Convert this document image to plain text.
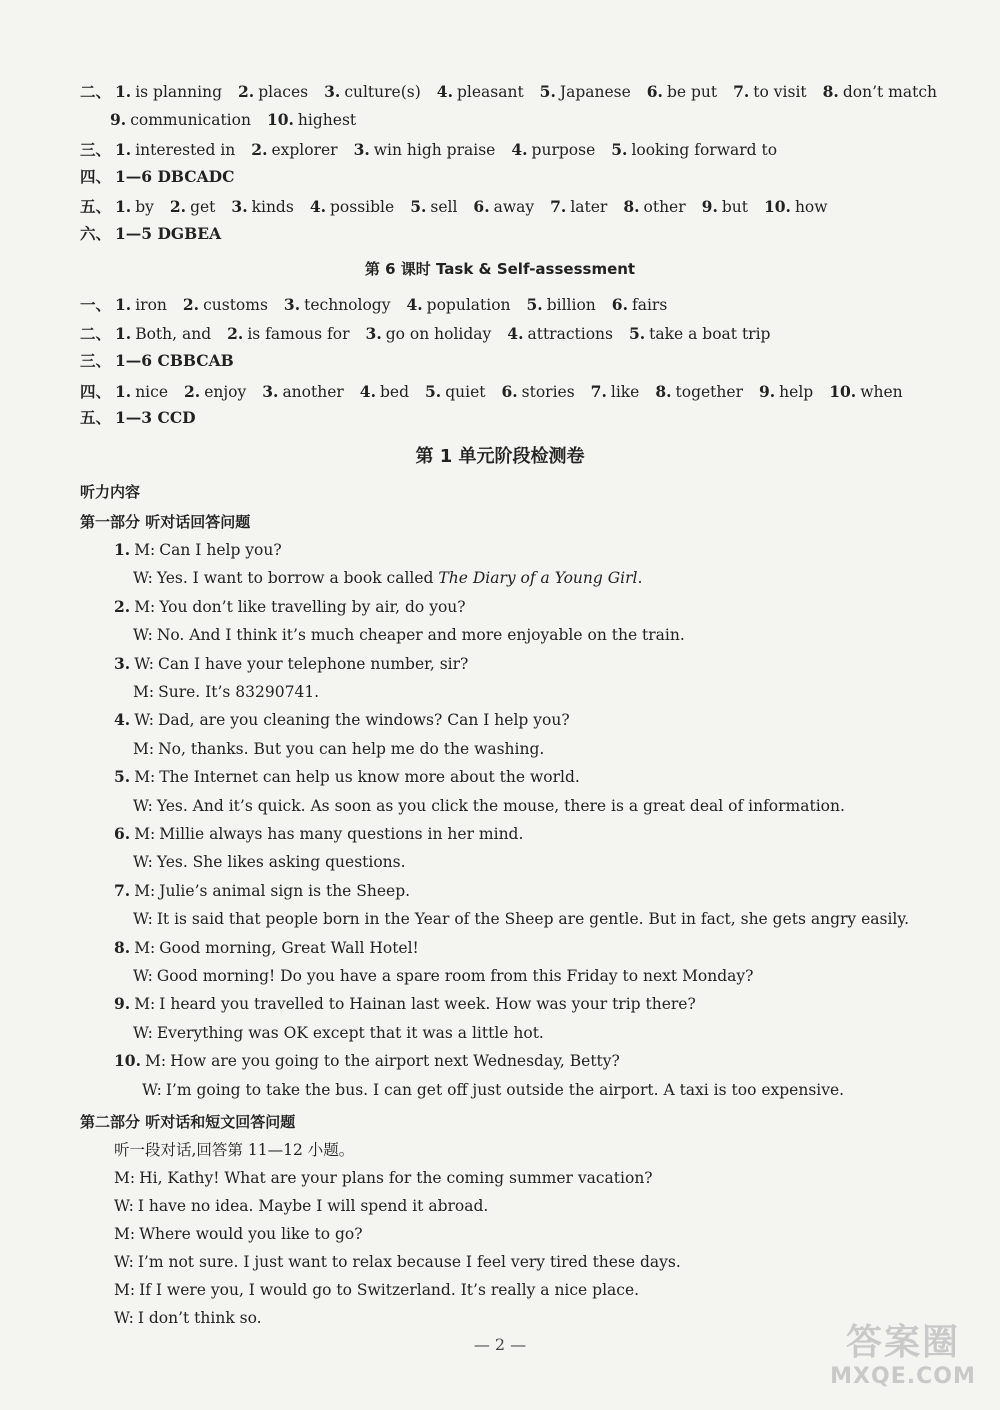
二、 1. is planning 2. places 3. culture(s) 4. pleasant 5. Japanese 6. be put 7. to visit 8. don’t match
9. communication 10. highest
三、 1. interested in 2. explorer 3. win high praise 4. purpose 5. looking forward to
四、 1—6 DBCADC
五、 1. by 2. get 3. kinds 4. possible 5. sell 6. away 7. later 8. other 9. but 10. how
六、 1—5 DGBEA
第 6 课时 Task & Self-assessment
一、 1. iron 2. customs 3. technology 4. population 5. billion 6. fairs
二、 1. Both, and 2. is famous for 3. go on holiday 4. attractions 5. take a boat trip
三、 1—6 CBBCAB
四、 1. nice 2. enjoy 3. another 4. bed 5. quiet 6. stories 7. like 8. together 9. help 10. when
五、 1—3 CCD
第 1 单元阶段检测卷
听力内容
第一部分 听对话回答问题
1. M: Can I help you?
W: Yes. I want to borrow a book called The Diary of a Young Girl.
2. M: You don’t like travelling by air, do you?
W: No. And I think it’s much cheaper and more enjoyable on the train.
3. W: Can I have your telephone number, sir?
M: Sure. It’s 83290741.
4. W: Dad, are you cleaning the windows? Can I help you?
M: No, thanks. But you can help me do the washing.
5. M: The Internet can help us know more about the world.
W: Yes. And it’s quick. As soon as you click the mouse, there is a great deal of information.
6. M: Millie always has many questions in her mind.
W: Yes. She likes asking questions.
7. M: Julie’s animal sign is the Sheep.
W: It is said that people born in the Year of the Sheep are gentle. But in fact, she gets angry easily.
8. M: Good morning, Great Wall Hotel!
W: Good morning! Do you have a spare room from this Friday to next Monday?
9. M: I heard you travelled to Hainan last week. How was your trip there?
W: Everything was OK except that it was a little hot.
10. M: How are you going to the airport next Wednesday, Betty?
W: I’m going to take the bus. I can get off just outside the airport. A taxi is too expensive.
第二部分 听对话和短文回答问题
听一段对话,回答第 11—12 小题。
M: Hi, Kathy! What are your plans for the coming summer vacation?
W: I have no idea. Maybe I will spend it abroad.
M: Where would you like to go?
W: I’m not sure. I just want to relax because I feel very tired these days.
M: If I were you, I would go to Switzerland. It’s really a nice place.
W: I don’t think so.
— 2 —	答案圈
MXQE.COM
